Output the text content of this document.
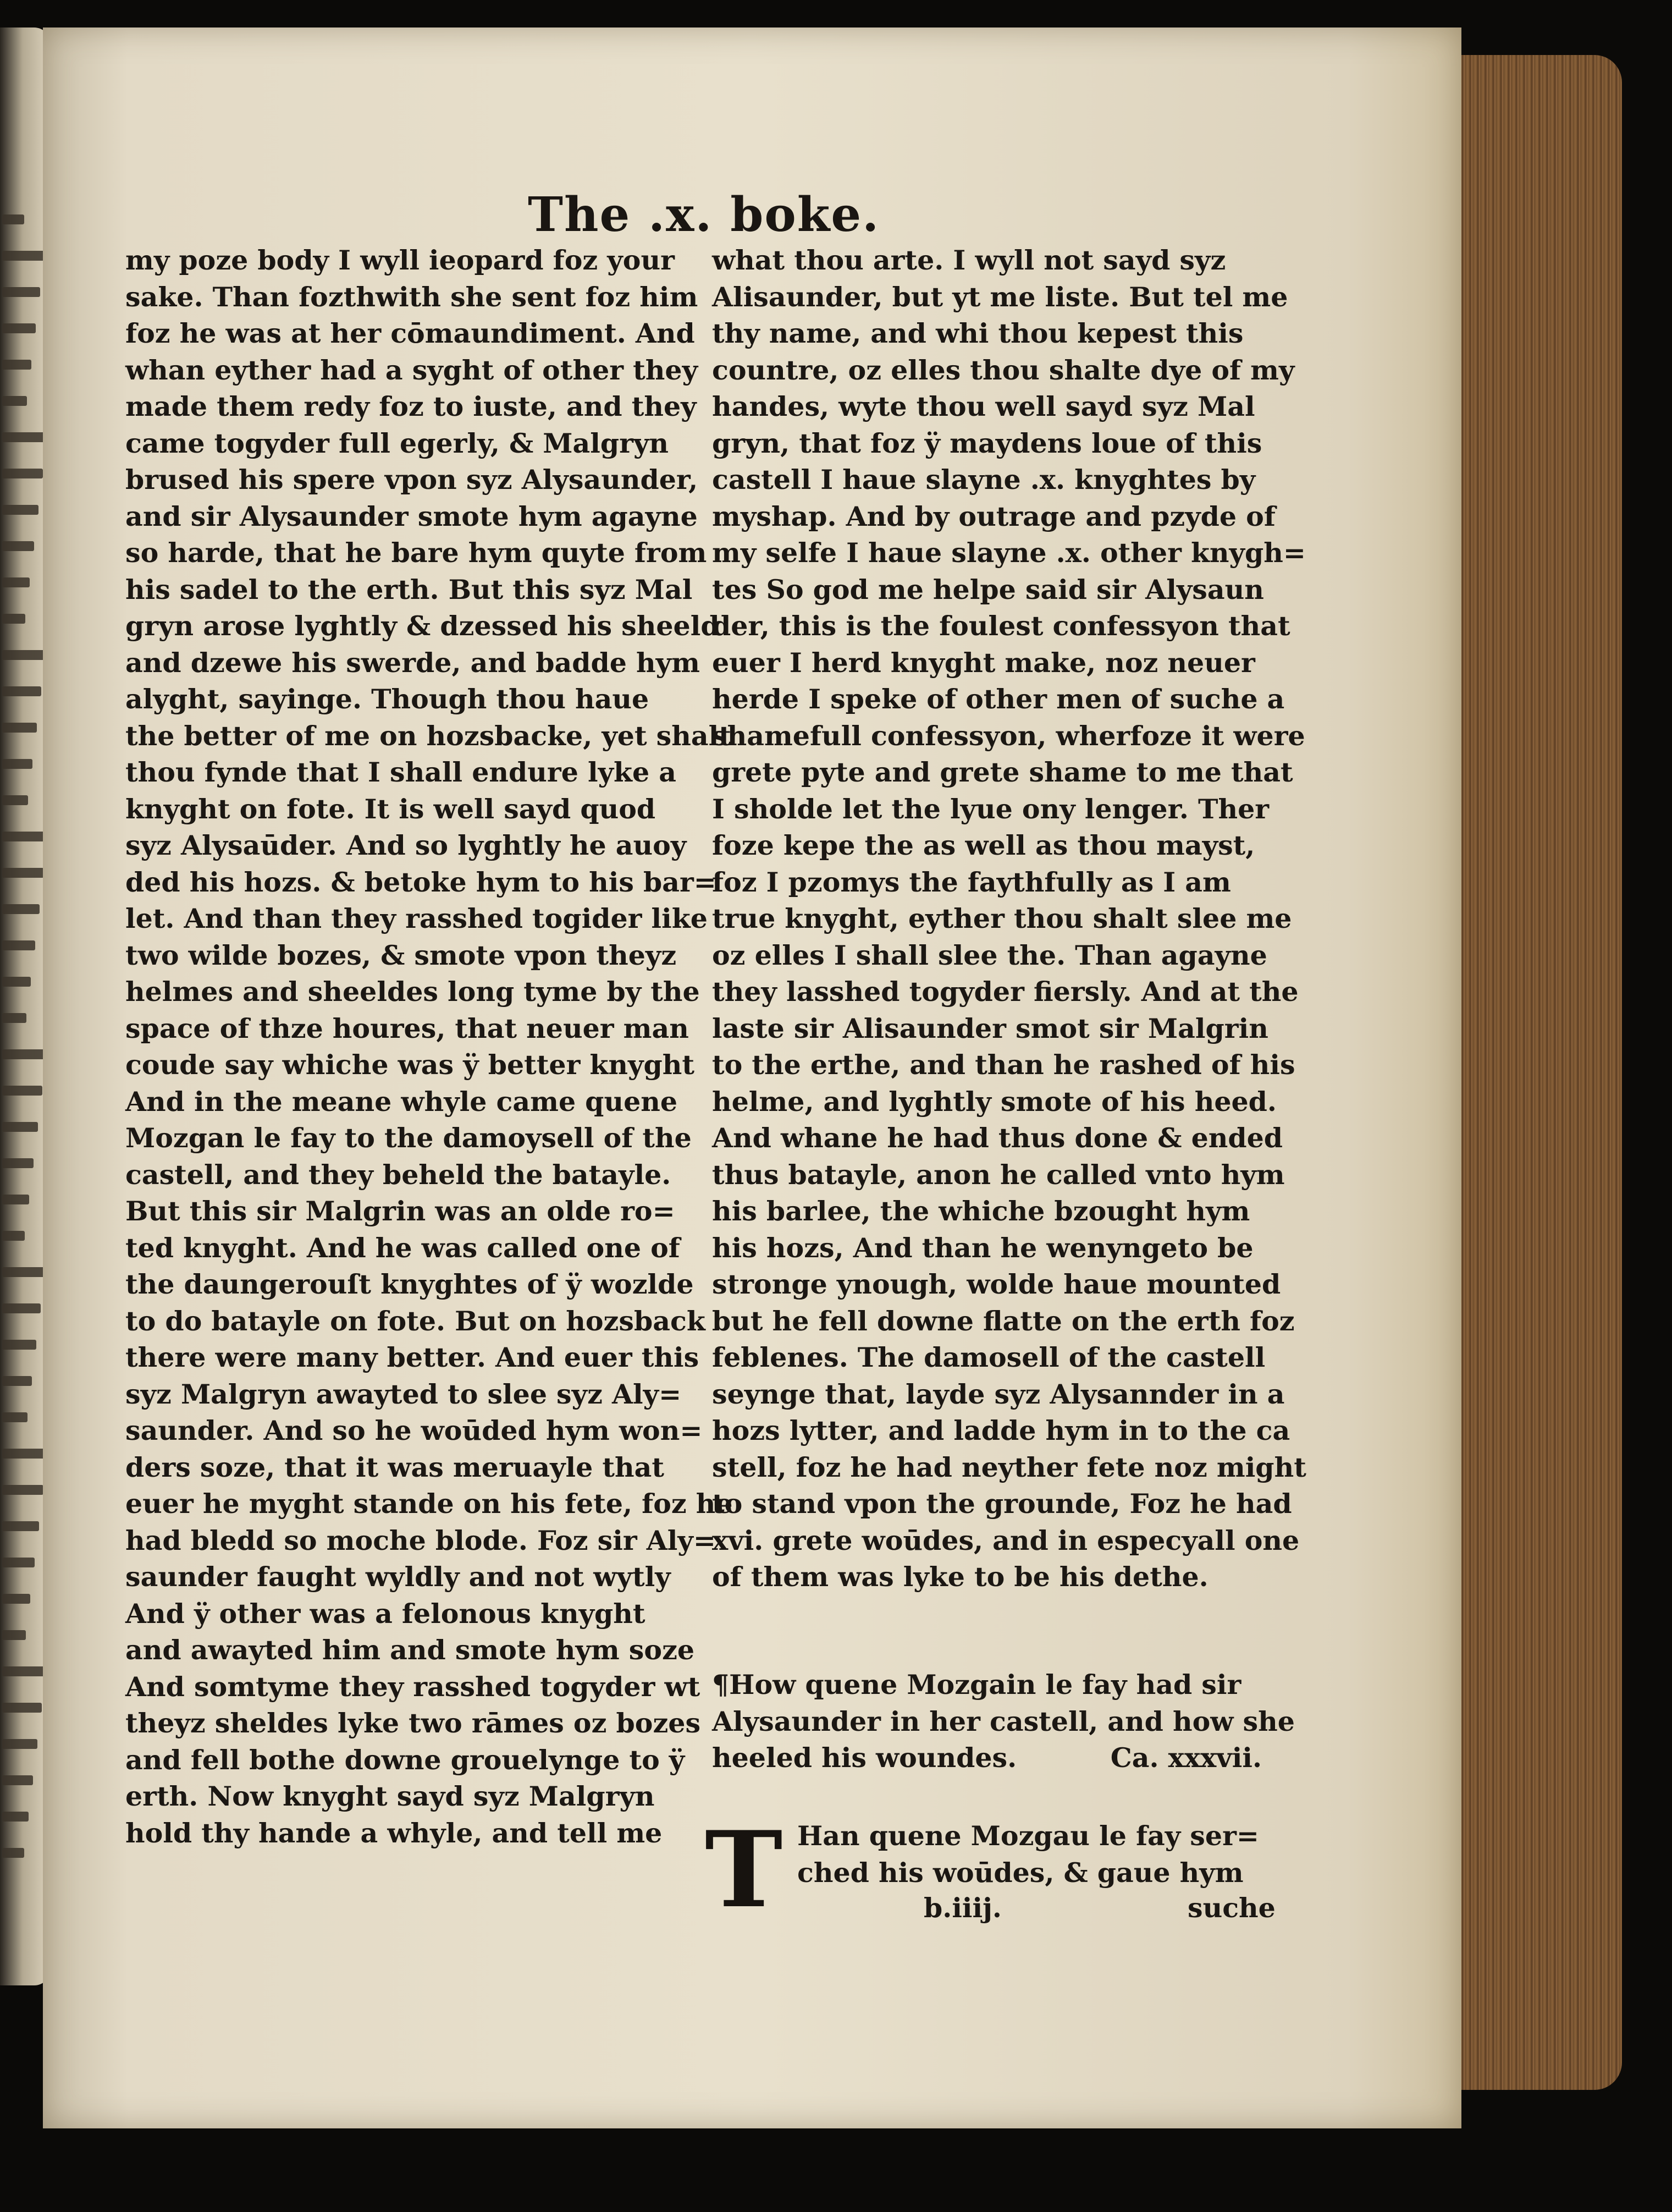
The .x. boke.
my poze body I wyll ieopard foz your
sake. Than fozthwith she sent foz him
foz he was at her cōmaundiment. And
whan eyther had a syght of other they
made them redy foz to iuste, and they
came togyder full egerly, & Malgryn
brused his spere vpon syz Alysaunder,
and sir Alysaunder smote hym agayne
so harde, that he bare hym quyte from
his sadel to the erth. But this syz Mal
gryn arose lyghtly & dzessed his sheeld
and dzewe his swerde, and badde hym
alyght, sayinge. Though thou haue
the better of me on hozsbacke, yet shalt
thou fynde that I shall endure lyke a
knyght on fote. It is well sayd quod
syz Alysaūder. And so lyghtly he auoy
ded his hozs. & betoke hym to his bar=
let. And than they rasshed togider like
two wilde bozes, & smote vpon theyz
helmes and sheeldes long tyme by the
space of thze houres, that neuer man
coude say whiche was ÿ better knyght
And in the meane whyle came quene
Mozgan le fay to the damoysell of the
castell, and they beheld the batayle.
But this sir Malgrin was an olde ro=
ted knyght. And he was called one of
the daungerouſt knyghtes of ÿ wozlde
to do batayle on fote. But on hozsback
there were many better. And euer this
syz Malgryn awayted to slee syz Aly=
saunder. And so he woūded hym won=
ders soze, that it was meruayle that
euer he myght stande on his fete, foz he
had bledd so moche blode. Foz sir Aly=
saunder faught wyldly and not wytly
And ÿ other was a felonous knyght
and awayted him and smote hym soze
And somtyme they rasshed togyder wt
theyz sheldes lyke two rāmes oz bozes
and fell bothe downe grouelynge to ÿ
erth. Now knyght sayd syz Malgryn
hold thy hande a whyle, and tell me
what thou arte. I wyll not sayd syz
Alisaunder, but yt me liste. But tel me
thy name, and whi thou kepest this
countre, oz elles thou shalte dye of my
handes, wyte thou well sayd syz Mal
gryn, that foz ÿ maydens loue of this
castell I haue slayne .x. knyghtes by
myshap. And by outrage and pzyde of
my selfe I haue slayne .x. other knygh=
tes So god me helpe said sir Alysaun
der, this is the foulest confessyon that
euer I herd knyght make, noz neuer
herde I speke of other men of suche a
shamefull confessyon, wherfoze it were
grete pyte and grete shame to me that
I sholde let the lyue ony lenger. Ther
foze kepe the as well as thou mayst,
foz I pzomys the faythfully as I am
true knyght, eyther thou shalt slee me
oz elles I shall slee the. Than agayne
they lasshed togyder fiersly. And at the
laste sir Alisaunder smot sir Malgrin
to the erthe, and than he rashed of his
helme, and lyghtly smote of his heed.
And whane he had thus done & ended
thus batayle, anon he called vnto hym
his barlee, the whiche bzought hym
his hozs, And than he wenyngeto be
stronge ynough, wolde haue mounted
but he fell downe flatte on the erth foz
feblenes. The damosell of the castell
seynge that, layde syz Alysannder in a
hozs lytter, and ladde hym in to the ca
stell, foz he had neyther fete noz might
to stand vpon the grounde, Foz he had
xvi. grete woūdes, and in especyall one
of them was lyke to be his dethe.
¶How quene Mozgain le fay had sir
Alysaunder in her castell, and how she
heeled his woundes.          Ca. xxxvii.
T Han quene Mozgau le fay ser=
ched his woūdes, & gaue hym
b.iiij.	suche
